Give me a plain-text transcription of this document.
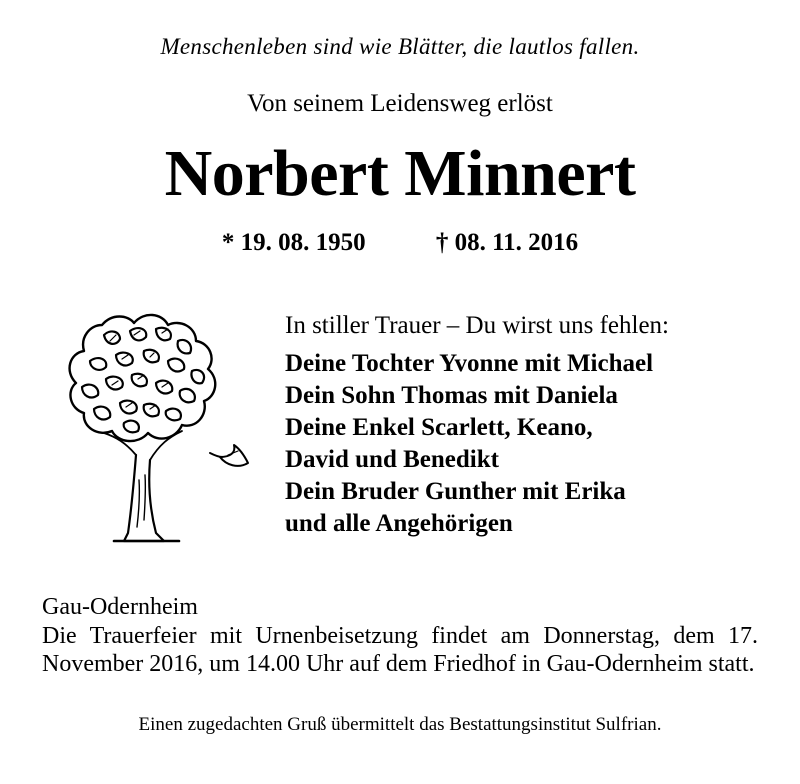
Menschenleben sind wie Blätter, die lautlos fallen.
Von seinem Leidensweg erlöst
Norbert Minnert
* 19. 08. 1950	† 08. 11. 2016
In stiller Trauer – Du wirst uns fehlen:
Deine Tochter Yvonne mit Michael
Dein Sohn Thomas mit Daniela
Deine Enkel Scarlett, Keano,
David und Benedikt
Dein Bruder Gunther mit Erika
und alle Angehörigen
Gau-Odernheim
Die Trauerfeier mit Urnenbeisetzung findet am Donnerstag, dem 17. November 2016, um 14.00 Uhr auf dem Friedhof in Gau-Odernheim statt.
Einen zugedachten Gruß übermittelt das Bestattungsinstitut Sulfrian.
